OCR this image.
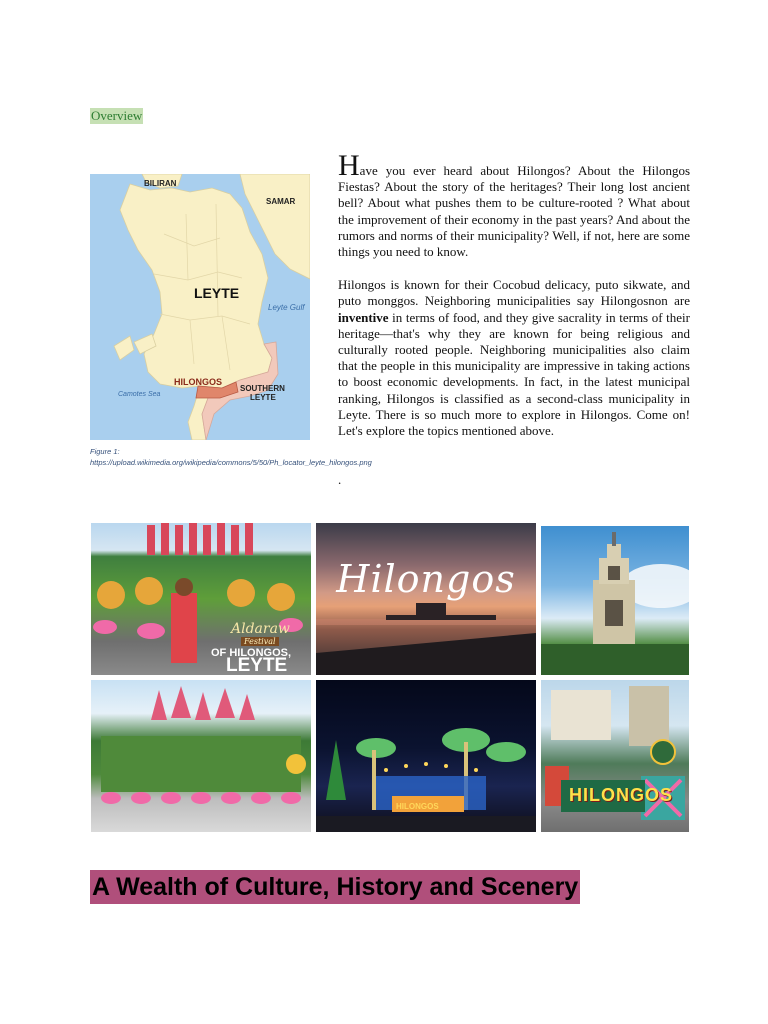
Overview
BILIRAN
SAMAR
LEYTE
Leyte Gulf
HILONGOS
SOUTHERN
LEYTE
Camotes Sea
Figure 1: https://upload.wikimedia.org/wikipedia/commons/5/50/Ph_locator_leyte_hilongos.png

Have you ever heard about Hilongos? About the Hilongos Fiestas? About the story of the heritages? Their long lost ancient bell? About what pushes them to be culture-rooted ? What about the improvement of their economy in the past years? And about the rumors and norms of their municipality? Well, if not, here are some things you need to know.

Hilongos is known for their Cocobud delicacy, puto sikwate, and puto monggos. Neighboring municipalities say Hilongosnon are inventive in terms of food, and they give sacrality in terms of their heritage—that's why they are known for being religious and culturally rooted people. Neighboring municipalities also claim that the people in this municipality are impressive in taking actions to boost economic developments. In fact, in the latest municipal ranking, Hilongos is classified as a second-class municipality in Leyte. There is so much more to explore in Hilongos. Come on! Let's explore the topics mentioned above.

.
Aldaraw
Festival
OF HILONGOS,
LEYTE
Hilongos
HILONGOS
HILONGOS
A Wealth of Culture, History and Scenery
